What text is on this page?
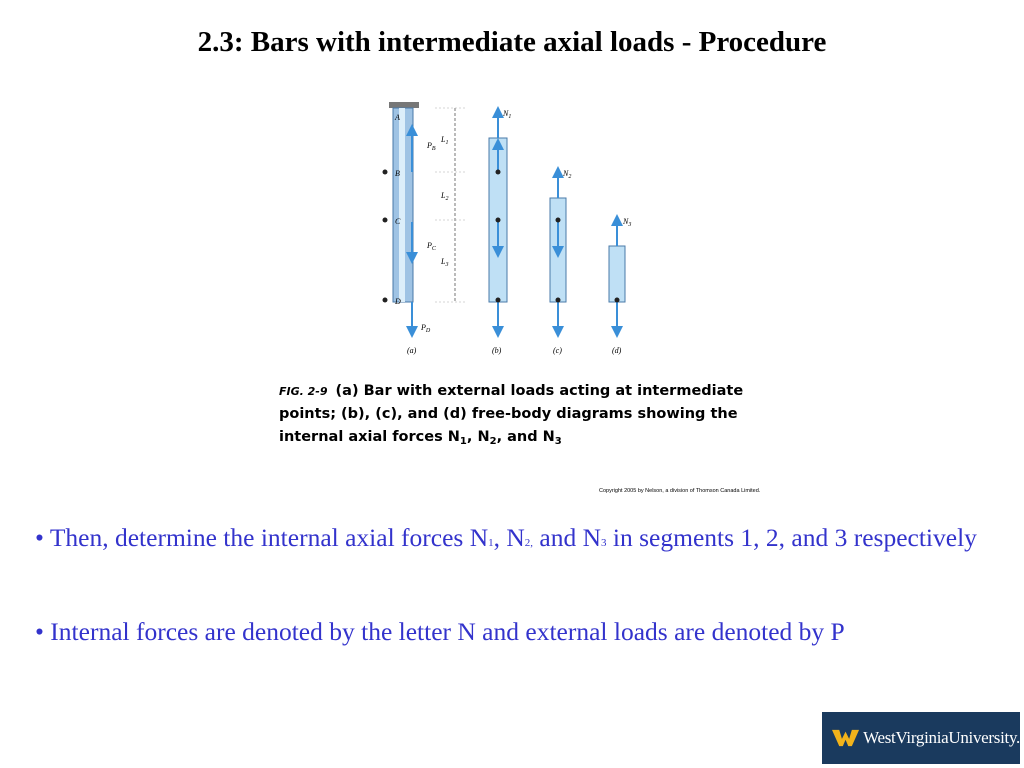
2.3: Bars with intermediate axial loads - Procedure
A
B
C
D
$P_B$
$P_C$
$P_D$
$L_1$
$L_2$
$L_3$
$N_1$
$N_2$
$N_3$
(a)	(b)	(c)	(d)
FIG. 2-9 (a) Bar with external loads acting at intermediate points; (b), (c), and (d) free-body diagrams showing the internal axial forces $N_1$, $N_2$, and $N_3$
Copyright 2005 by Nelson, a division of Thomson Canada Limited.
• Then, determine the internal axial forces N1, N2, and N3 in segments 1, 2, and 3 respectively
• Internal forces are denoted by the letter N and external loads are denoted by P
WestVirginiaUniversity.
